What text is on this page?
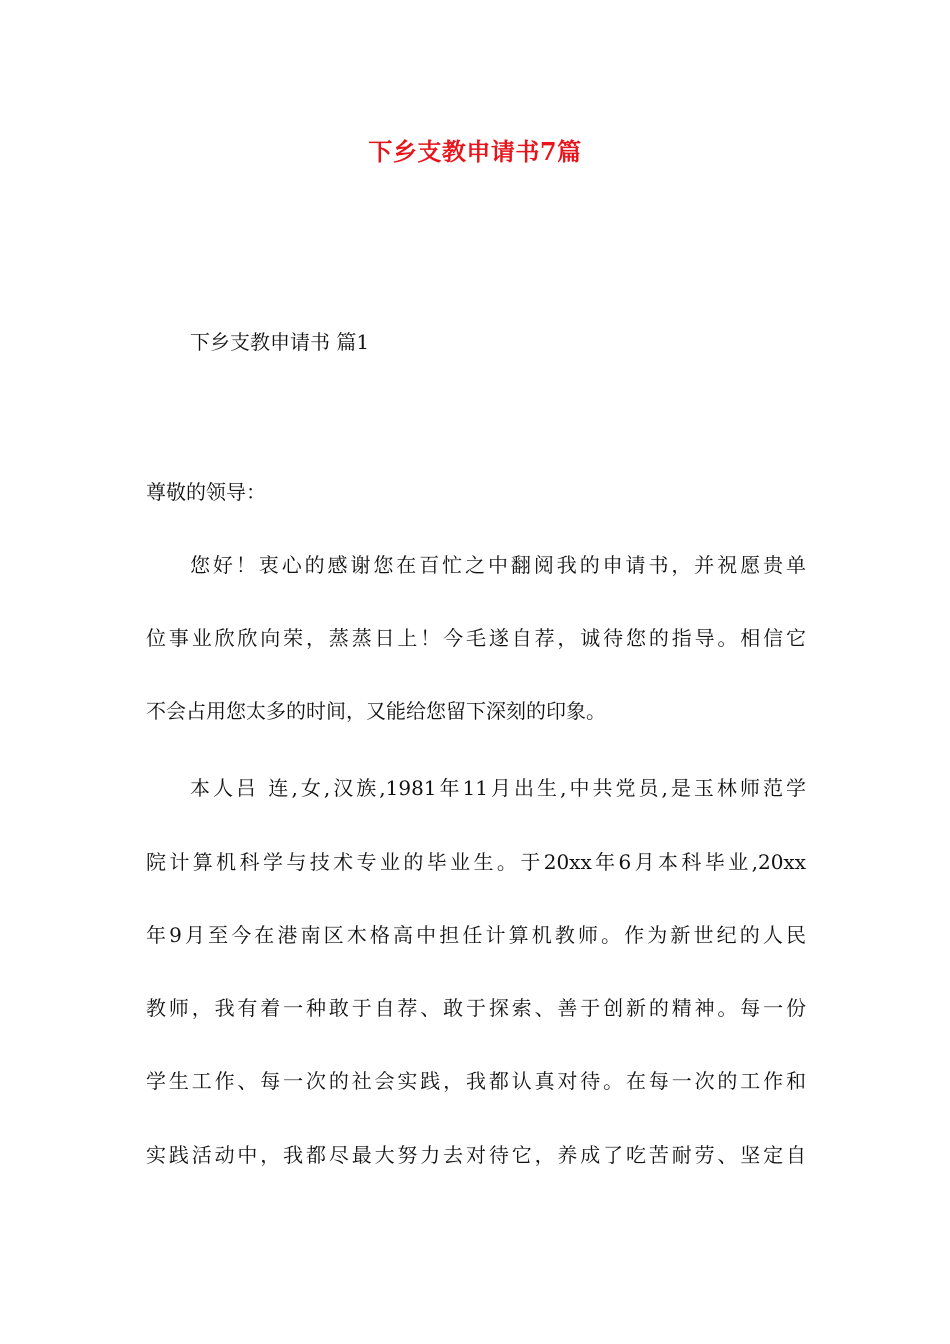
下乡支教申请书7篇

下乡支教申请书 篇1

尊敬的领导：

您好！衷心的感谢您在百忙之中翻阅我的申请书，并祝愿贵单

位事业欣欣向荣，蒸蒸日上！今毛遂自荐，诚待您的指导。相信它

不会占用您太多的时间，又能给您留下深刻的印象。

本人吕 连,女,汉族,1981年11月出生,中共党员,是玉林师范学

院计算机科学与技术专业的毕业生。于20xx年6月本科毕业,20xx

年9月至今在港南区木格高中担任计算机教师。作为新世纪的人民

教师，我有着一种敢于自荐、敢于探索、善于创新的精神。每一份

学生工作、每一次的社会实践，我都认真对待。在每一次的工作和

实践活动中，我都尽最大努力去对待它，养成了吃苦耐劳、坚定自
